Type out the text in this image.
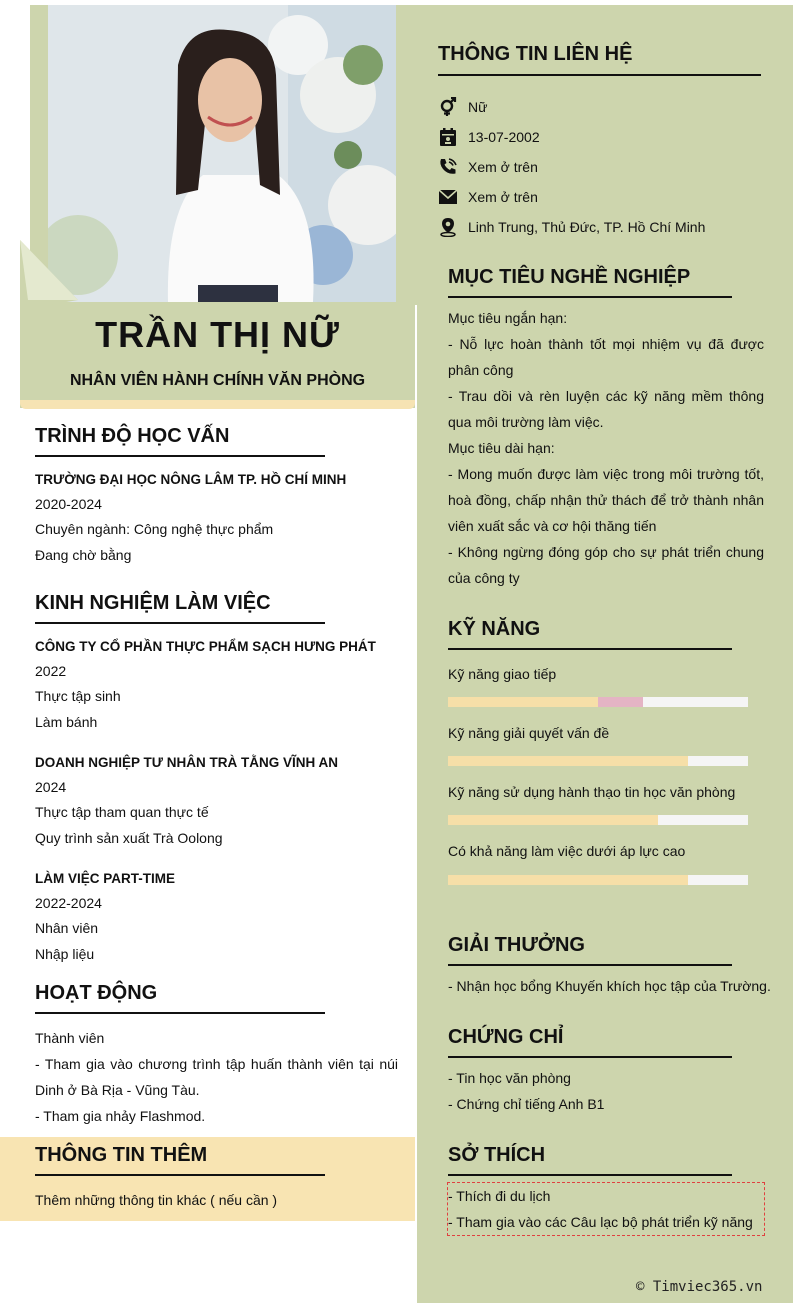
TRẦN THỊ NỮ
NHÂN VIÊN HÀNH CHÍNH VĂN PHÒNG
TRÌNH ĐỘ HỌC VẤN
TRƯỜNG ĐẠI HỌC NÔNG LÂM TP. HỒ CHÍ MINH
2020-2024
Chuyên ngành: Công nghệ thực phẩm
Đang chờ bằng
KINH NGHIỆM LÀM VIỆC
CÔNG TY CỔ PHẦN THỰC PHẨM SẠCH HƯNG PHÁT
2022
Thực tập sinh
Làm bánh
DOANH NGHIỆP TƯ NHÂN TRÀ TẰNG VĨNH AN
2024
Thực tập tham quan thực tế
Quy trình sản xuất Trà Oolong
LÀM VIỆC PART-TIME
2022-2024
Nhân viên
Nhập liệu
HOẠT ĐỘNG
Thành viên
- Tham gia vào chương trình tập huấn thành viên tại núi Dinh ở Bà Rịa - Vũng Tàu.
- Tham gia nhảy Flashmod.
THÔNG TIN THÊM
Thêm những thông tin khác ( nếu cần )
THÔNG TIN LIÊN HỆ
Nữ
13-07-2002
Xem ở trên
Xem ở trên
Linh Trung, Thủ Đức, TP. Hồ Chí Minh
MỤC TIÊU NGHỀ NGHIỆP
Mục tiêu ngắn hạn:
- Nỗ lực hoàn thành tốt mọi nhiệm vụ đã được phân công
- Trau dồi và rèn luyện các kỹ năng mềm thông qua môi trường làm việc.
Mục tiêu dài hạn:
- Mong muốn được làm việc trong môi trường tốt, hoà đồng, chấp nhận thử thách để trở thành nhân viên xuất sắc và cơ hội thăng tiến
- Không ngừng đóng góp cho sự phát triển chung của công ty
KỸ NĂNG
Kỹ năng giao tiếp
Kỹ năng giải quyết vấn đề
Kỹ năng sử dụng hành thạo tin học văn phòng
Có khả năng làm việc dưới áp lực cao
GIẢI THƯỞNG
- Nhận học bổng Khuyến khích học tập của Trường.
CHỨNG CHỈ
- Tin học văn phòng
- Chứng chỉ tiếng Anh B1
SỞ THÍCH
- Thích đi du lịch
- Tham gia vào các Câu lạc bộ phát triển kỹ năng
© Timviec365.vn
